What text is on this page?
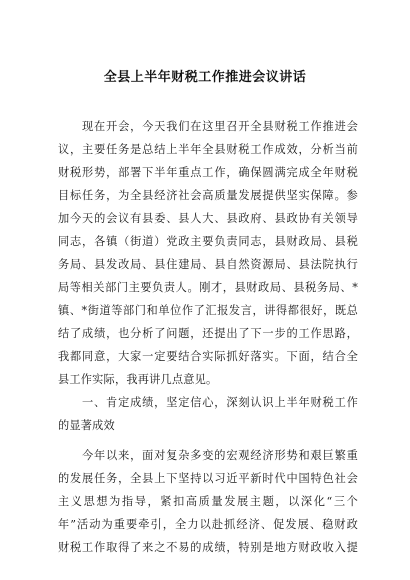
全县上半年财税工作推进会议讲话
现在开会，今天我们在这里召开全县财税工作推进会
议，主要任务是总结上半年全县财税工作成效，分析当前
财税形势，部署下半年重点工作，确保圆满完成全年财税
目标任务，为全县经济社会高质量发展提供坚实保障。参
加今天的会议有县委、县人大、县政府、县政协有关领导
同志，各镇（街道）党政主要负责同志，县财政局、县税
务局、县发改局、县住建局、县自然资源局、县法院执行
局等相关部门主要负责人。刚才，县财政局、县税务局、*
镇、*街道等部门和单位作了汇报发言，讲得都很好，既总
结了成绩，也分析了问题，还提出了下一步的工作思路，
我都同意，大家一定要结合实际抓好落实。下面，结合全
县工作实际，我再讲几点意见。
一、肯定成绩，坚定信心，深刻认识上半年财税工作
的显著成效
今年以来，面对复杂多变的宏观经济形势和艰巨繁重
的发展任务，全县上下坚持以习近平新时代中国特色社会
主义思想为指导，紧扣高质量发展主题，以深化“三个
年”活动为重要牵引，全力以赴抓经济、促发展、稳财政
财税工作取得了来之不易的成绩，特别是地方财政收入提
